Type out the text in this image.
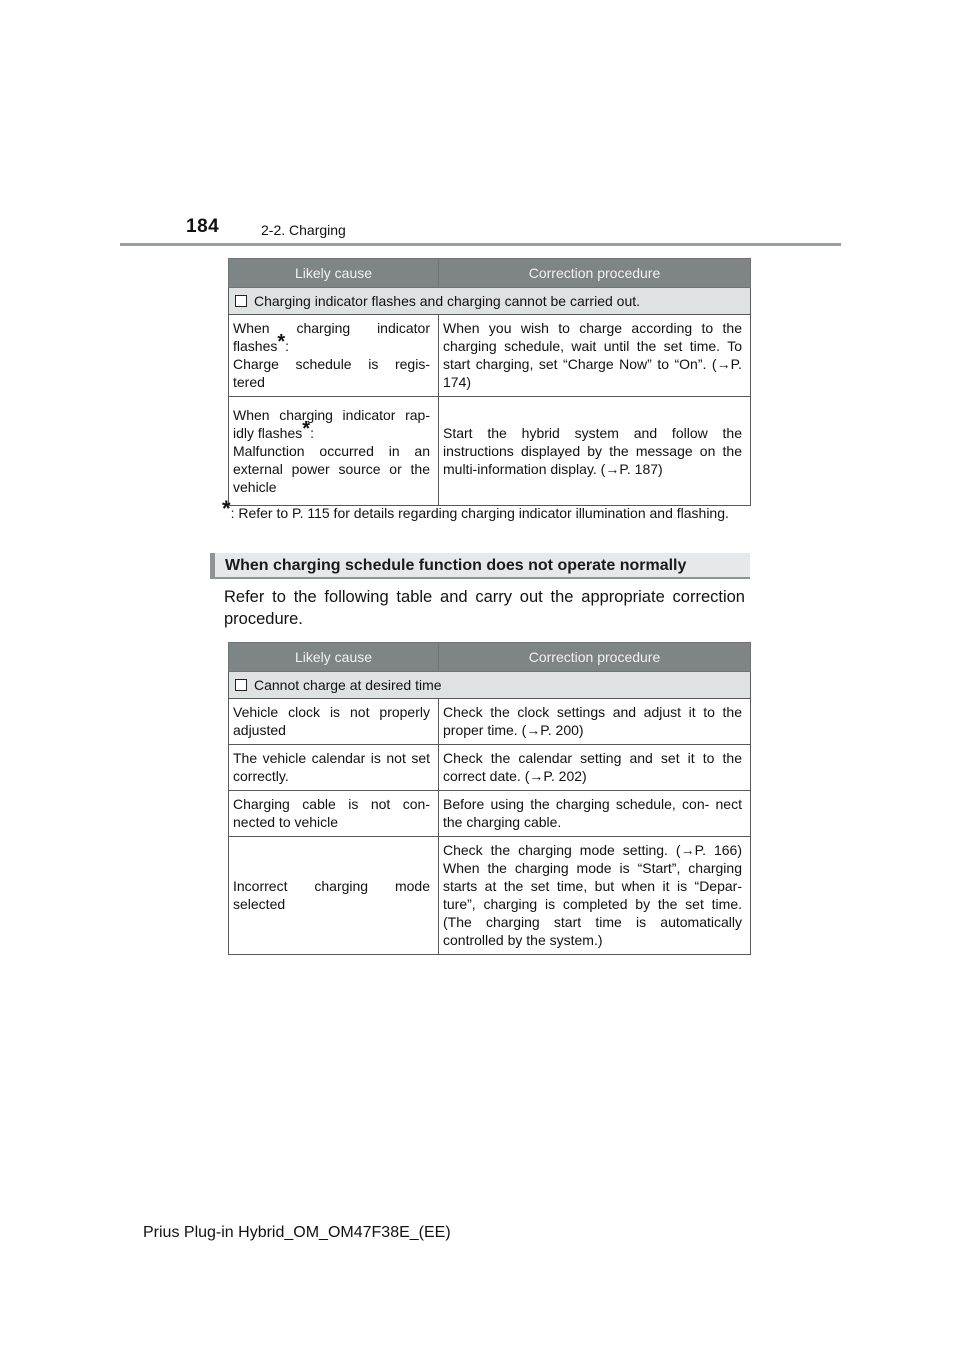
184	2-2. Charging
Likely cause	Correction procedure
Charging indicator flashes and charging cannot be carried out.	

When charging indicator
flashes*:
Charge schedule is regis-
tered	When you wish to charge according to the charging schedule, wait until the set time. To start charging, set “Charge Now” to “On”. (→P. 174)

When charging indicator rap-
idly flashes*:
Malfunction occurred in an external power source or the vehicle	Start the hybrid system and follow the instructions displayed by the message on the multi-information display. (→P. 187)
*: Refer to P. 115 for details regarding charging indicator illumination and flashing.
When charging schedule function does not operate normally
Refer to the following table and carry out the appropriate correction procedure.
Likely cause	Correction procedure
Cannot charge at desired time	
Vehicle clock is not properly adjusted	Check the clock settings and adjust it to the proper time. (→P. 200)
The vehicle calendar is not set correctly.	Check the calendar setting and set it to the correct date. (→P. 202)
Charging cable is not con- nected to vehicle	Before using the charging schedule, con- nect the charging cable.
Incorrect charging mode selected	Check the charging mode setting. (→P. 166) When the charging mode is “Start”, charging starts at the set time, but when it is “Depar- ture”, charging is completed by the set time. (The charging start time is automatically controlled by the system.)
Prius Plug-in Hybrid_OM_OM47F38E_(EE)
